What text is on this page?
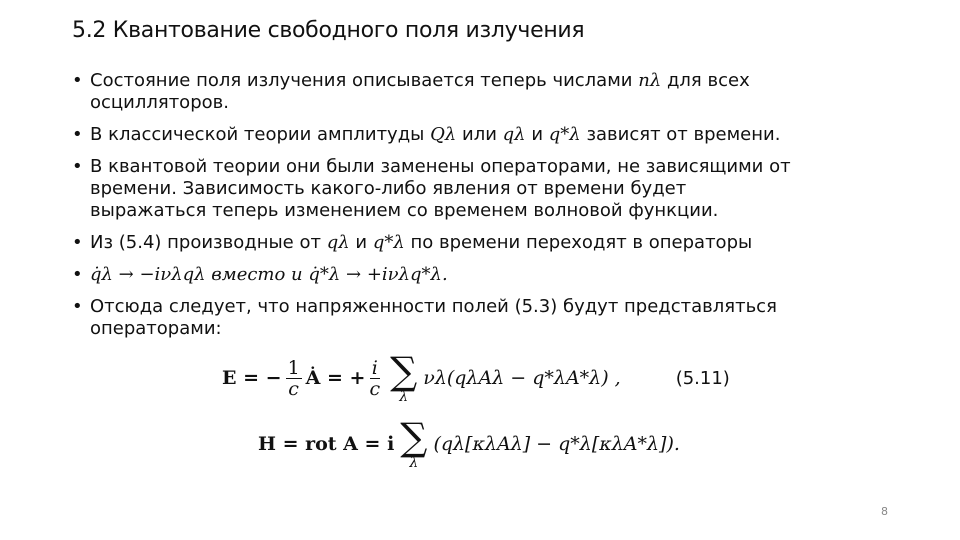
5.2 Квантование свободного поля излучения
• Состояние поля излучения описывается теперь числами nλ для всех осцилляторов.
• В классической теории амплитуды Qλ или qλ и q*λ зависят от времени.
• В квантовой теории они были заменены операторами, не зависящими от времени. Зависимость какого-либо явления от времени будет выражаться теперь изменением со временем волновой функции.
• Из (5.4) производные от qλ и q*λ по времени переходят в операторы
• q̇λ → −iνλqλ вместо и q̇*λ → +iνλq*λ.
• Отсюда следует, что напряженности полей (5.3) будут представляться операторами:
E = − $\frac{1}{c}$ Ȧ = + $\frac{i}{c}$ ∑
λ
νλ(qλAλ − q*λA*λ) ,	(5.11)
H = rot A = i ∑
λ
(qλ[κλAλ] − q*λ[κλA*λ]).
8
